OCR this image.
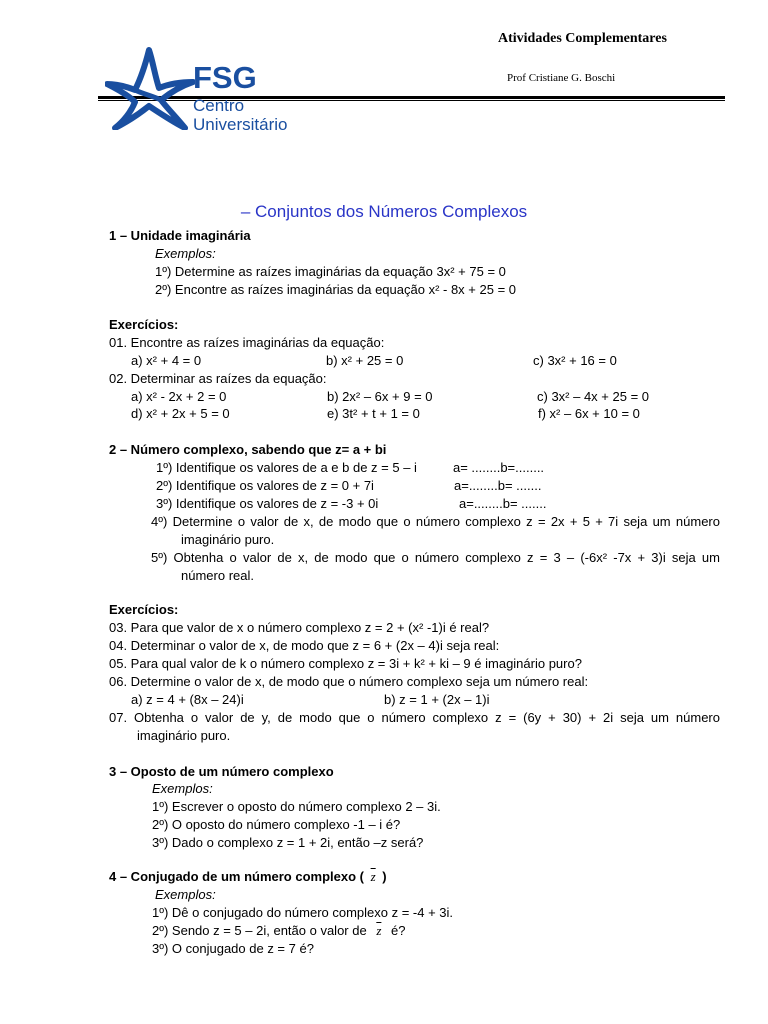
Atividades Complementares
Prof Cristiane G. Boschi
FSG
Centro
Universitário
– Conjuntos dos Números Complexos
1 – Unidade imaginária
Exemplos:
1º) Determine as raízes imaginárias da equação 3x² + 75 = 0
2º) Encontre as raízes imaginárias da equação x² - 8x + 25 = 0
Exercícios:
01. Encontre as raízes imaginárias da equação:
a) x² + 4 = 0	b) x² + 25 = 0	c) 3x² + 16 = 0
02. Determinar as raízes da equação:
a) x² - 2x + 2 = 0	b) 2x² – 6x + 9 = 0	c) 3x² – 4x + 25 = 0
d) x² + 2x + 5 = 0	e) 3t² + t + 1 = 0	f) x² – 6x + 10 = 0
2 – Número complexo, sabendo que z= a + bi
1º) Identifique os valores de a e b de z = 5 – i	a= ........b=........
2º) Identifique os valores de z = 0 + 7i	a=........b= .......
3º) Identifique os valores de z = -3 + 0i	a=........b= .......
4º) Determine o valor de x, de modo que o número complexo z = 2x + 5 + 7i seja um número
imaginário puro.
5º) Obtenha o valor de x, de modo que o número complexo z = 3 – (-6x² -7x + 3)i seja um
número real.
Exercícios:
03. Para que valor de x o número complexo z = 2 + (x² -1)i é real?
04. Determinar o valor de x, de modo que z = 6 + (2x – 4)i seja real:
05. Para qual valor de k o número complexo z = 3i + k² + ki – 9 é imaginário puro?
06. Determine o valor de x, de modo que o número complexo seja um número real:
a) z = 4 + (8x – 24)i	b) z = 1 + (2x – 1)i
07. Obtenha o valor de y, de modo que o número complexo z = (6y + 30) + 2i seja um número
imaginário puro.
3 – Oposto de um número complexo
Exemplos:
1º) Escrever o oposto do número complexo 2 – 3i.
2º) O oposto do número complexo -1 – i é?
3º) Dado o complexo z = 1 + 2i, então –z será?
4 – Conjugado de um número complexo ( $\overline{z}$ )
Exemplos:
1º) Dê o conjugado do número complexo z = -4 + 3i.
2º) Sendo z = 5 – 2i, então o valor de $\overline{z}$ é?
3º) O conjugado de z = 7 é?
